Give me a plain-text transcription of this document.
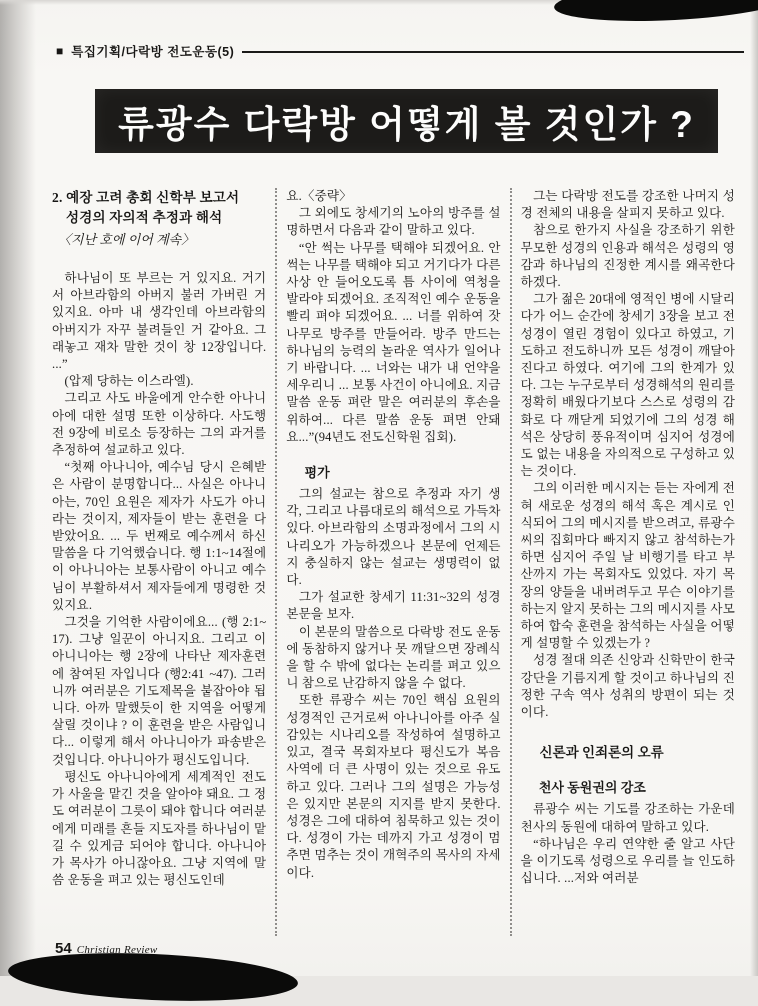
■ 특집기획/다락방 전도운동(5)
류광수 다락방 어떻게 볼 것인가 ?
2. 예장 고려 총회 신학부 보고서
성경의 자의적 추정과 해석
〈지난 호에 이어 계속〉

하나님이 또 부르는 거 있지요. 거기서 아브라함의 아버지 불러 가버린 거 있지요. 아마 내 생각인데 아브라함의 아버지가 자꾸 불려들인 거 같아요. 그래놓고 재차 말한 것이 창 12장입니다. ...”

(압제 당하는 이스라엘).

그리고 사도 바울에게 안수한 아나니아에 대한 설명 또한 이상하다. 사도행전 9장에 비로소 등장하는 그의 과거를 추정하여 설교하고 있다.

“첫째 아나니아, 예수님 당시 은혜받은 사람이 분명합니다... 사실은 아나니아는, 70인 요원은 제자가 사도가 아니라는 것이지, 제자들이 받는 훈련을 다 받았어요. ... 두 번째로 예수께서 하신 말씀을 다 기억했습니다. 행 1:1~14절에 이 아나니아는 보통사람이 아니고 예수님이 부활하셔서 제자들에게 명령한 것 있지요.

그것을 기억한 사람이에요... (행 2:1~17). 그냥 일꾼이 아니지요. 그리고 이 아니니아는 행 2장에 나타난 제자훈련에 참여된 자입니다 (행2:41 ~47). 그러니까 여러분은 기도제목을 붙잡아야 됩니다. 아까 말했듯이 한 지역을 어떻게 살릴 것이냐 ? 이 훈련을 받은 사람입니다... 이렇게 해서 아나니아가 파송받은 것입니다. 아나니아가 평신도입니다.

평신도 아나니아에게 세계적인 전도가 사울을 맡긴 것을 알아야 돼요. 그 정도 여러분이 그릇이 돼야 합니다 여러분에게 미래를 흔들 지도자를 하나님이 맡길 수 있게금 되어야 합니다. 아나니아가 목사가 아니잖아요. 그냥 지역에 말씀 운동을 펴고 있는 평신도인데

요.〈중략〉

그 외에도 창세기의 노아의 방주를 설명하면서 다음과 같이 말하고 있다.

“안 썩는 나무를 택해야 되겠어요. 안 썩는 나무를 택해야 되고 거기다가 다른 사상 안 들어오도록 틈 사이에 역청을 발라야 되겠어요. 조직적인 예수 운동을 빨리 펴야 되겠어요. ... 너를 위하여 잣나무로 방주를 만들어라. 방주 만드는 하나님의 능력의 놀라운 역사가 일어나기 바랍니다. ... 너와는 내가 내 언약을 세우리니 ... 보통 사건이 아니에요. 지금 말씀 운동 펴란 말은 여러분의 후손을 위하여... 다른 말씀 운동 펴면 안돼요...”(94년도 전도신학원 집회).

평가

그의 설교는 참으로 추정과 자기 생각, 그리고 나름대로의 해석으로 가득차 있다. 아브라함의 소명과정에서 그의 시나리오가 가능하겠으나 본문에 언제든지 충실하지 않는 설교는 생명력이 없다.

그가 설교한 창세기 11:31~32의 성경본문을 보자.

이 본문의 말씀으로 다락방 전도 운동에 동참하지 않거나 못 깨달으면 장례식을 할 수 밖에 없다는 논리를 펴고 있으니 참으로 난감하지 않을 수 없다.

또한 류광수 씨는 70인 핵심 요원의 성경적인 근거로써 아나니아를 아주 실감있는 시나리오를 작성하여 설명하고 있고, 결국 목회자보다 평신도가 복음 사역에 더 큰 사명이 있는 것으로 유도하고 있다. 그러나 그의 설명은 가능성은 있지만 본문의 지지를 받지 못한다. 성경은 그에 대하여 침묵하고 있는 것이다. 성경이 가는 데까지 가고 성경이 멈추면 멈추는 것이 개혁주의 목사의 자세이다.

그는 다락방 전도를 강조한 나머지 성경 전체의 내용을 살피지 못하고 있다.

참으로 한가지 사실을 강조하기 위한 무모한 성경의 인용과 해석은 성령의 영감과 하나님의 진정한 계시를 왜곡한다 하겠다.

그가 젊은 20대에 영적인 병에 시달리다가 어느 순간에 창세기 3장을 보고 전 성경이 열린 경험이 있다고 하였고, 기도하고 전도하니까 모든 성경이 깨달아진다고 하였다. 여기에 그의 한계가 있다. 그는 누구로부터 성경해석의 원리를 정확히 배웠다기보다 스스로 성령의 감화로 다 깨닫게 되었기에 그의 성경 해석은 상당히 풍유적이며 심지어 성경에도 없는 내용을 자의적으로 구성하고 있는 것이다.

그의 이러한 메시지는 듣는 자에게 전혀 새로운 성경의 해석 혹은 계시로 인식되어 그의 메시지를 받으려고, 류광수 씨의 집회마다 빠지지 않고 참석하는가 하면 심지어 주일 날 비행기를 타고 부산까지 가는 목회자도 있었다. 자기 목장의 양들을 내버려두고 무슨 이야기를 하는지 알지 못하는 그의 메시지를 사모하여 합숙 훈련을 참석하는 사실을 어떻게 설명할 수 있겠는가 ?

성경 절대 의존 신앙과 신학만이 한국 강단을 기름지게 할 것이고 하나님의 진정한 구속 역사 성취의 방편이 되는 것이다.

신론과 인죄론의 오류
천사 동원권의 강조

류광수 씨는 기도를 강조하는 가운데 천사의 동원에 대하여 말하고 있다.

“하나님은 우리 연약한 줄 알고 사단을 이기도록 성령으로 우리를 늘 인도하십니다. ...저와 여러분

54 Christian Review
